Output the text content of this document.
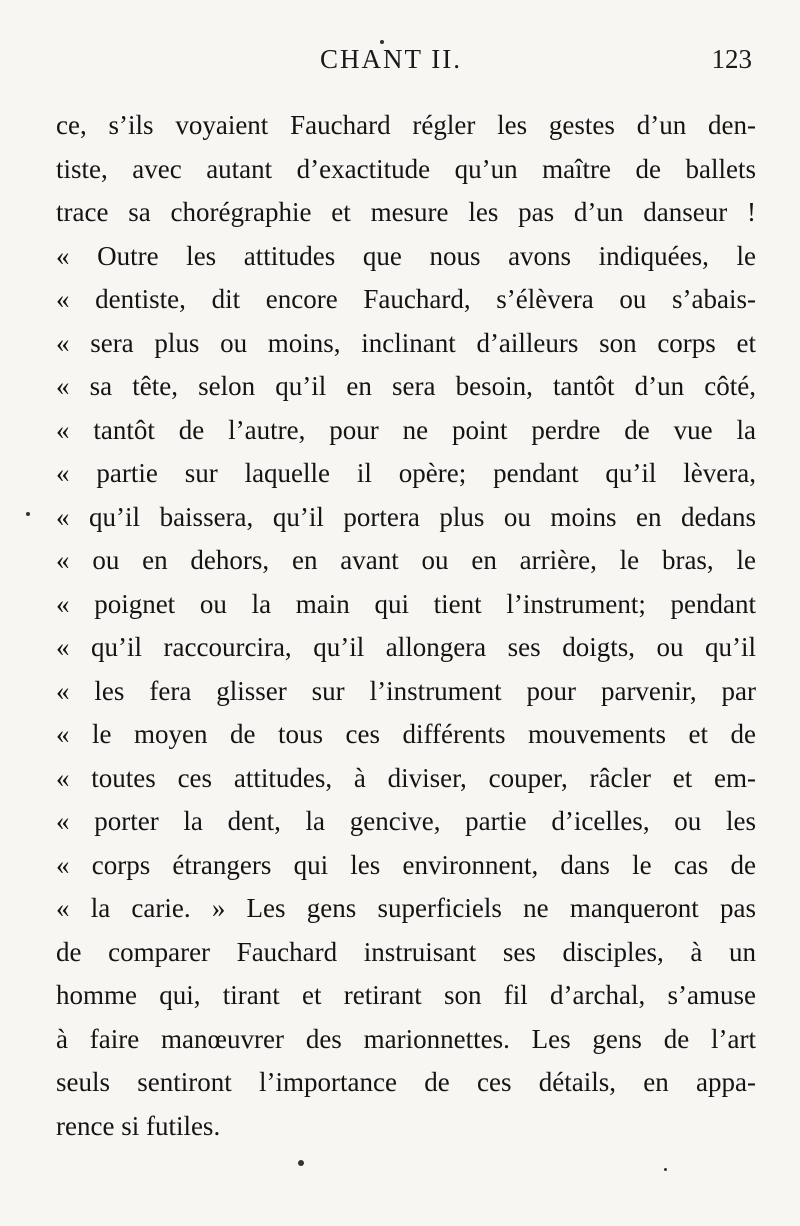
CHANT II.	123
ce, s’ils voyaient Fauchard régler les gestes d’un den-
tiste, avec autant d’exactitude qu’un maître de ballets
trace sa chorégraphie et mesure les pas d’un danseur !
« Outre les attitudes que nous avons indiquées, le
« dentiste, dit encore Fauchard, s’élèvera ou s’abais-
« sera plus ou moins, inclinant d’ailleurs son corps et
« sa tête, selon qu’il en sera besoin, tantôt d’un côté,
« tantôt de l’autre, pour ne point perdre de vue la
« partie sur laquelle il opère; pendant qu’il lèvera,
« qu’il baissera, qu’il portera plus ou moins en dedans
« ou en dehors, en avant ou en arrière, le bras, le
« poignet ou la main qui tient l’instrument; pendant
« qu’il raccourcira, qu’il allongera ses doigts, ou qu’il
« les fera glisser sur l’instrument pour parvenir, par
« le moyen de tous ces différents mouvements et de
« toutes ces attitudes, à diviser, couper, râcler et em-
« porter la dent, la gencive, partie d’icelles, ou les
« corps étrangers qui les environnent, dans le cas de
« la carie. » Les gens superficiels ne manqueront pas
de comparer Fauchard instruisant ses disciples, à un
homme qui, tirant et retirant son fil d’archal, s’amuse
à faire manœuvrer des marionnettes. Les gens de l’art
seuls sentiront l’importance de ces détails, en appa-
rence si futiles.
